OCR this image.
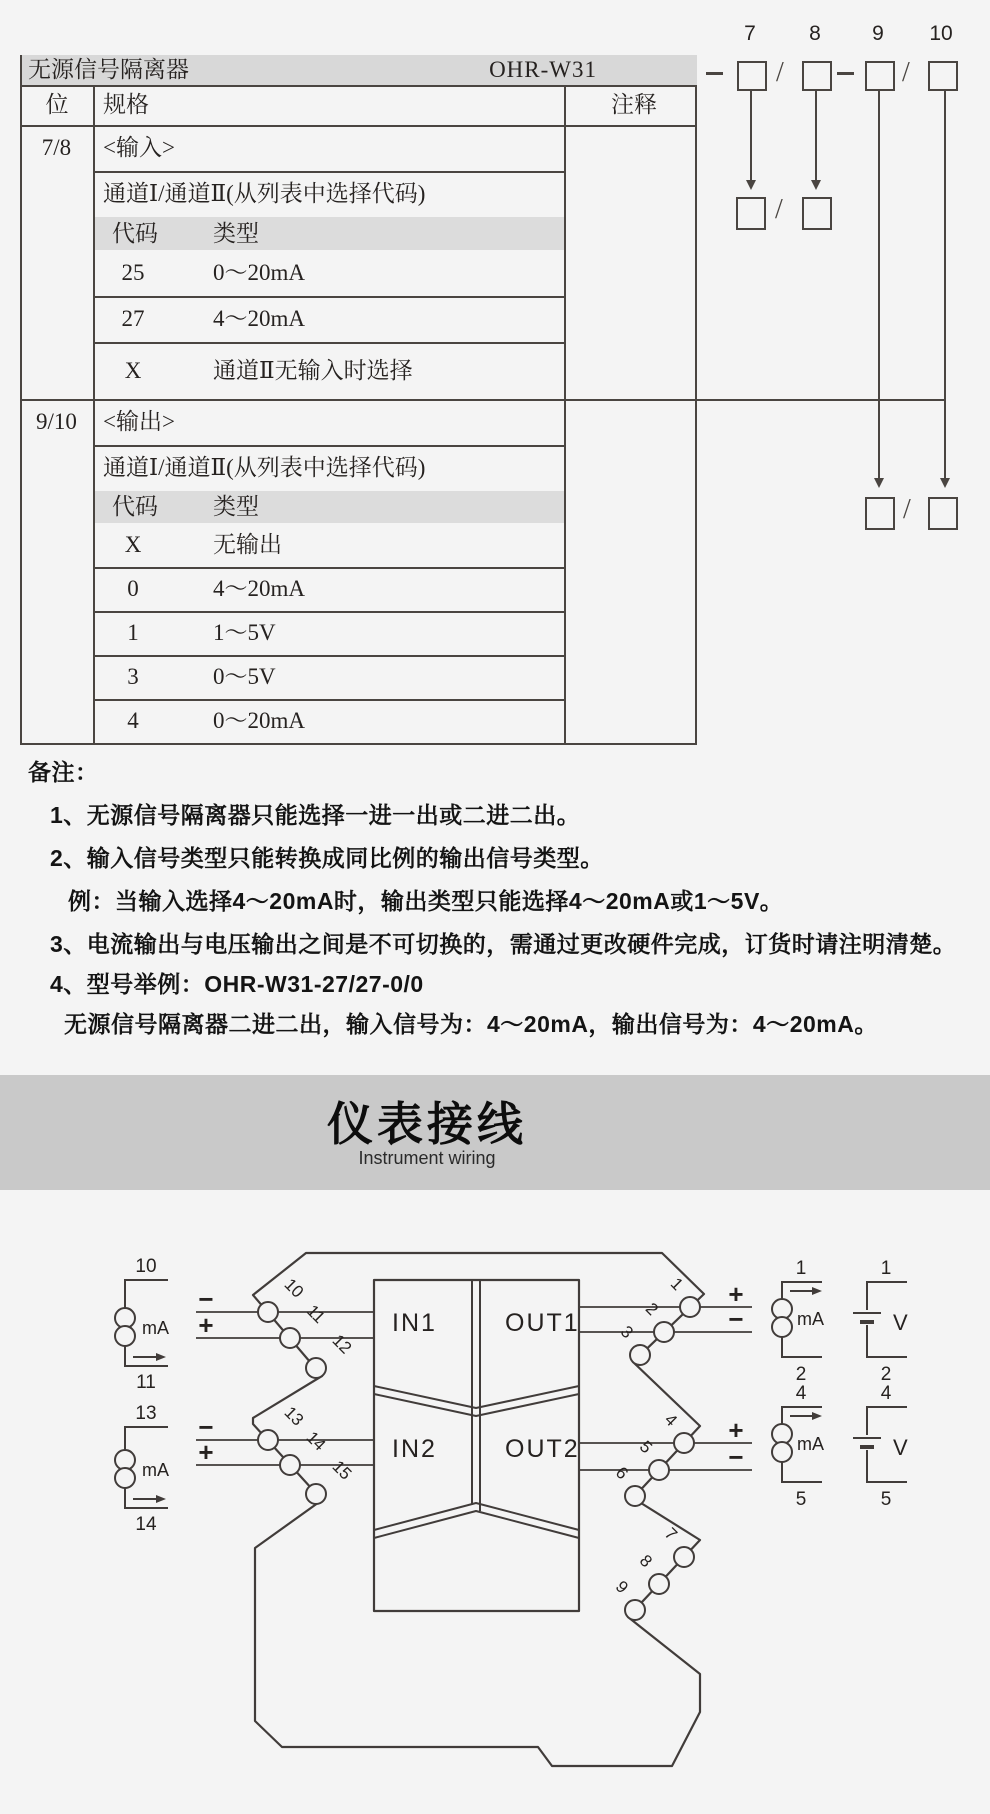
无源信号隔离器	OHR-W31
位	规格	注释
7/8	<输入>
通道Ⅰ/通道Ⅱ(从列表中选择代码)
代码 类型
25	0～20mA
27	4～20mA
X	通道Ⅱ无输入时选择
9/10	<输出>
通道Ⅰ/通道Ⅱ(从列表中选择代码)
代码 类型
X	无输出
0	4～20mA
1	1～5V
3	0～5V
4	0～20mA
7	8	9	10
/	/
/
/
备注：
1、无源信号隔离器只能选择一进一出或二进二出。
2、输入信号类型只能转换成同比例的输出信号类型。
例：当输入选择4～20mA时，输出类型只能选择4～20mA或1～5V。
3、电流输出与电压输出之间是不可切换的，需通过更改硬件完成，订货时请注明清楚。
4、型号举例：OHR-W31-27/27-0/0
无源信号隔离器二进二出，输入信号为：4～20mA，输出信号为：4～20mA。
仪表接线
Instrument wiring
10
11
12
13
14
15
1
2
3
4
5
6
7
8
9
IN1	OUT1
IN2	OUT2
−
+
−
+
+
−
+
−
10
11
mA
13
14
mA
1
2
mA
1
2
V
4
5
mA
4
5
V
